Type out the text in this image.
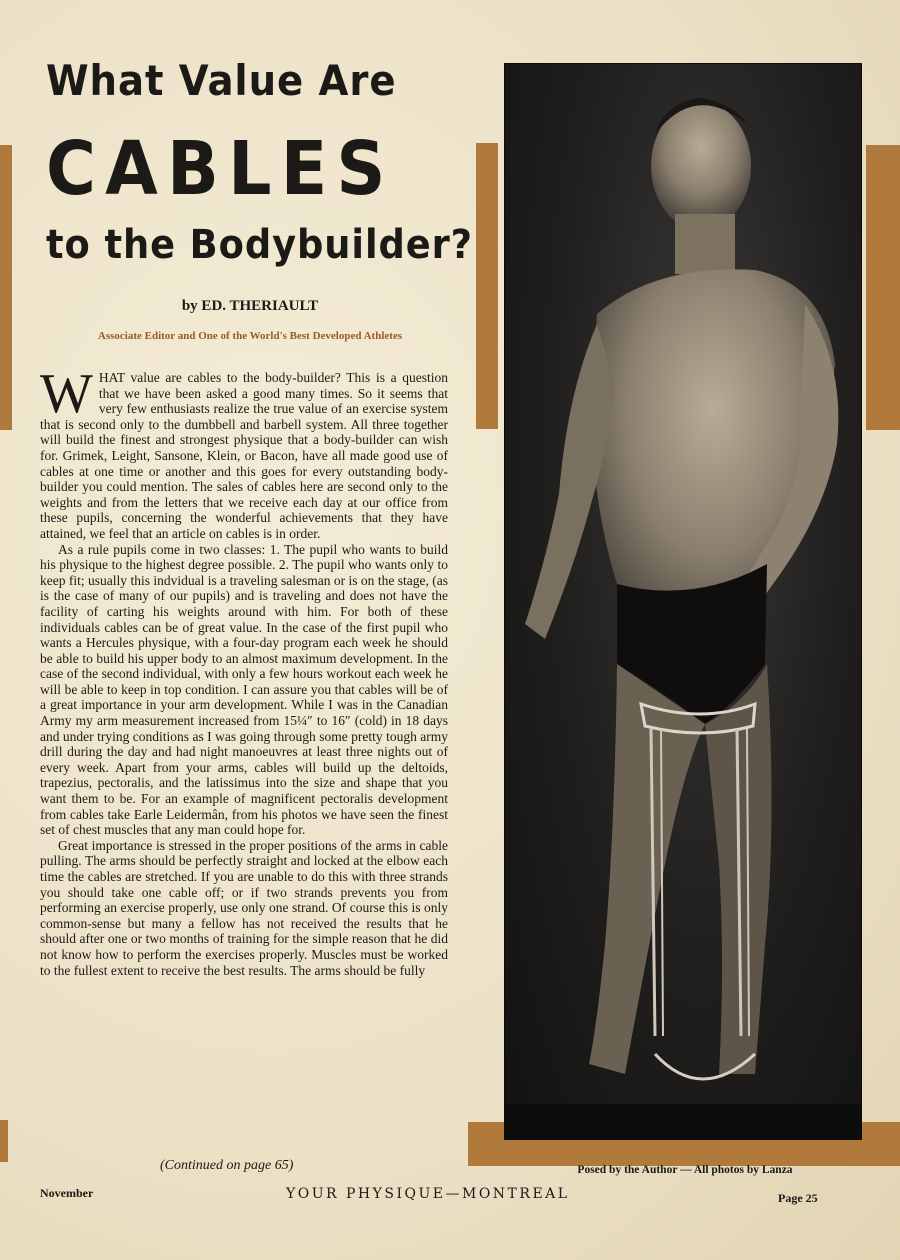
What Value Are
CABLES
to the Bodybuilder?
by ED. THERIAULT
Associate Editor and One of the World's Best Developed Athletes

WHAT value are cables to the body-builder? This is a question that we have been asked a good many times. So it seems that very few enthusiasts realize the true value of an exercise system that is second only to the dumbbell and barbell system. All three together will build the finest and strongest physique that a body-builder can wish for. Grimek, Leight, Sansone, Klein, or Bacon, have all made good use of cables at one time or another and this goes for every outstanding body-builder you could mention. The sales of cables here are second only to the weights and from the letters that we receive each day at our office from these pupils, concerning the wonderful achievements that they have attained, we feel that an article on cables is in order.

As a rule pupils come in two classes: 1. The pupil who wants to build his physique to the highest degree possible. 2. The pupil who wants only to keep fit; usually this indvidual is a traveling salesman or is on the stage, (as is the case of many of our pupils) and is traveling and does not have the facility of carting his weights around with him. For both of these individuals cables can be of great value. In the case of the first pupil who wants a Hercules physique, with a four-day program each week he should be able to build his upper body to an almost maximum development. In the case of the second individual, with only a few hours workout each week he will be able to keep in top condition. I can assure you that cables will be of a great importance in your arm development. While I was in the Canadian Army my arm measurement increased from 15¼″ to 16″ (cold) in 18 days and under trying conditions as I was going through some pretty tough army drill during the day and had night manoeuvres at least three nights out of every week. Apart from your arms, cables will build up the deltoids, trapezius, pectoralis, and the latissimus into the size and shape that you want them to be. For an example of magnificent pectoralis development from cables take Earle Leidermân, from his photos we have seen the finest set of chest muscles that any man could hope for.

Great importance is stressed in the proper positions of the arms in cable pulling. The arms should be perfectly straight and locked at the elbow each time the cables are stretched. If you are unable to do this with three strands you should take one cable off; or if two strands prevents you from performing an exercise properly, use only one strand. Of course this is only common-sense but many a fellow has not received the results that he should after one or two months of training for the simple reason that he did not know how to perform the exercises properly. Muscles must be worked to the fullest extent to receive the best results. The arms should be fully

(Continued on page 65)	Posed by the Author — All photos by Lanza
November	YOUR PHYSIQUE—MONTREAL	Page 25
